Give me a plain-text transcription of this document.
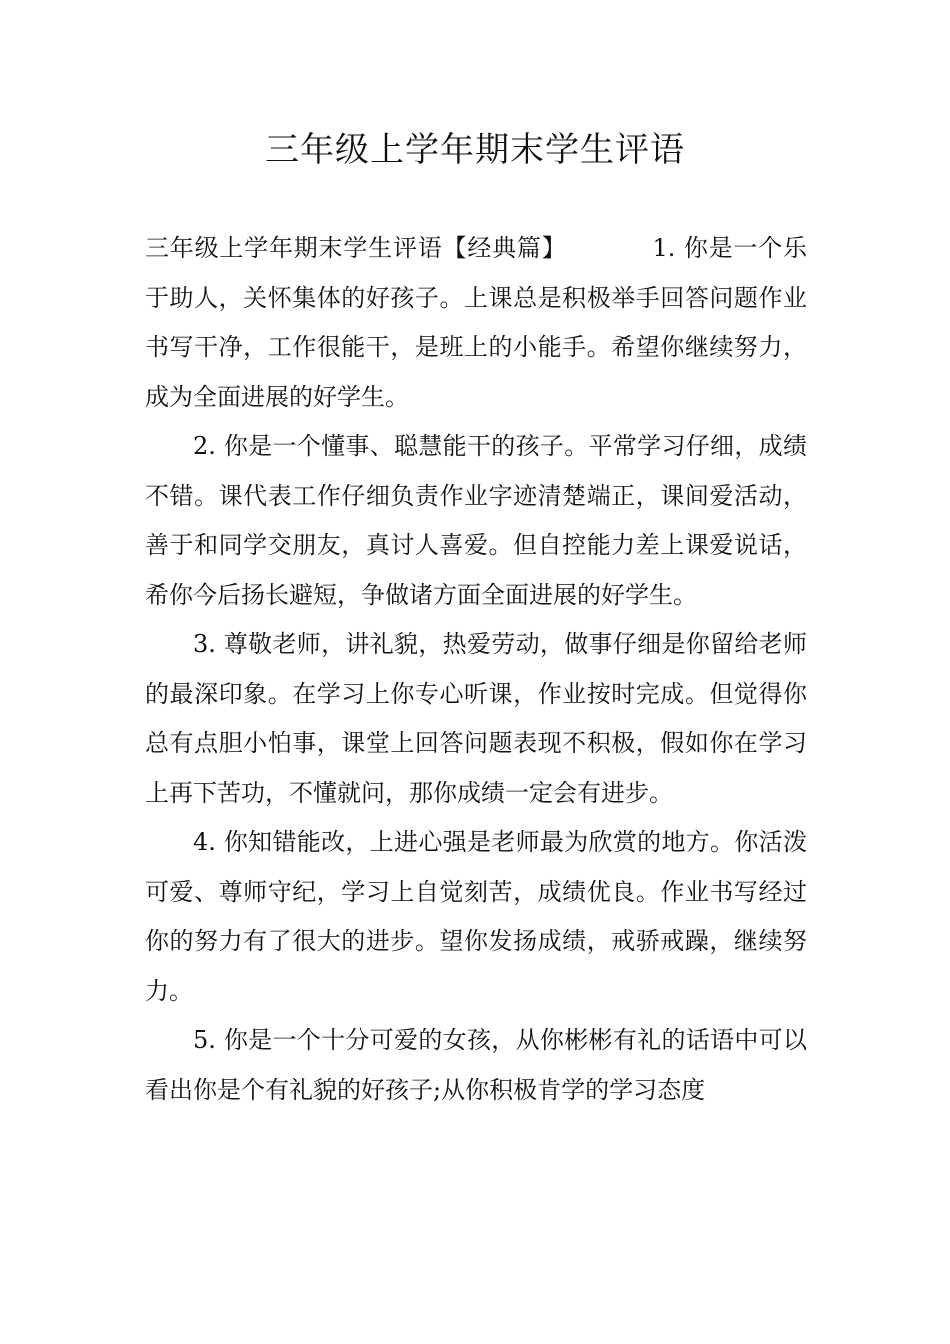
三年级上学年期末学生评语

三年级上学年期末学生评语【经典篇】	1. 你是一个乐于助人，关怀集体的好孩子。上课总是积极举手回答问题作业书写干净，工作很能干，是班上的小能手。希望你继续努力，成为全面进展的好学生。

2. 你是一个懂事、聪慧能干的孩子。平常学习仔细，成绩不错。课代表工作仔细负责作业字迹清楚端正，课间爱活动，善于和同学交朋友，真讨人喜爱。但自控能力差上课爱说话，希你今后扬长避短，争做诸方面全面进展的好学生。

3. 尊敬老师，讲礼貌，热爱劳动，做事仔细是你留给老师的最深印象。在学习上你专心听课，作业按时完成。但觉得你总有点胆小怕事，课堂上回答问题表现不积极，假如你在学习上再下苦功，不懂就问，那你成绩一定会有进步。

4. 你知错能改，上进心强是老师最为欣赏的地方。你活泼可爱、尊师守纪，学习上自觉刻苦，成绩优良。作业书写经过你的努力有了很大的进步。望你发扬成绩，戒骄戒躁，继续努力。

5. 你是一个十分可爱的女孩，从你彬彬有礼的话语中可以看出你是个有礼貌的好孩子;从你积极肯学的学习态度
